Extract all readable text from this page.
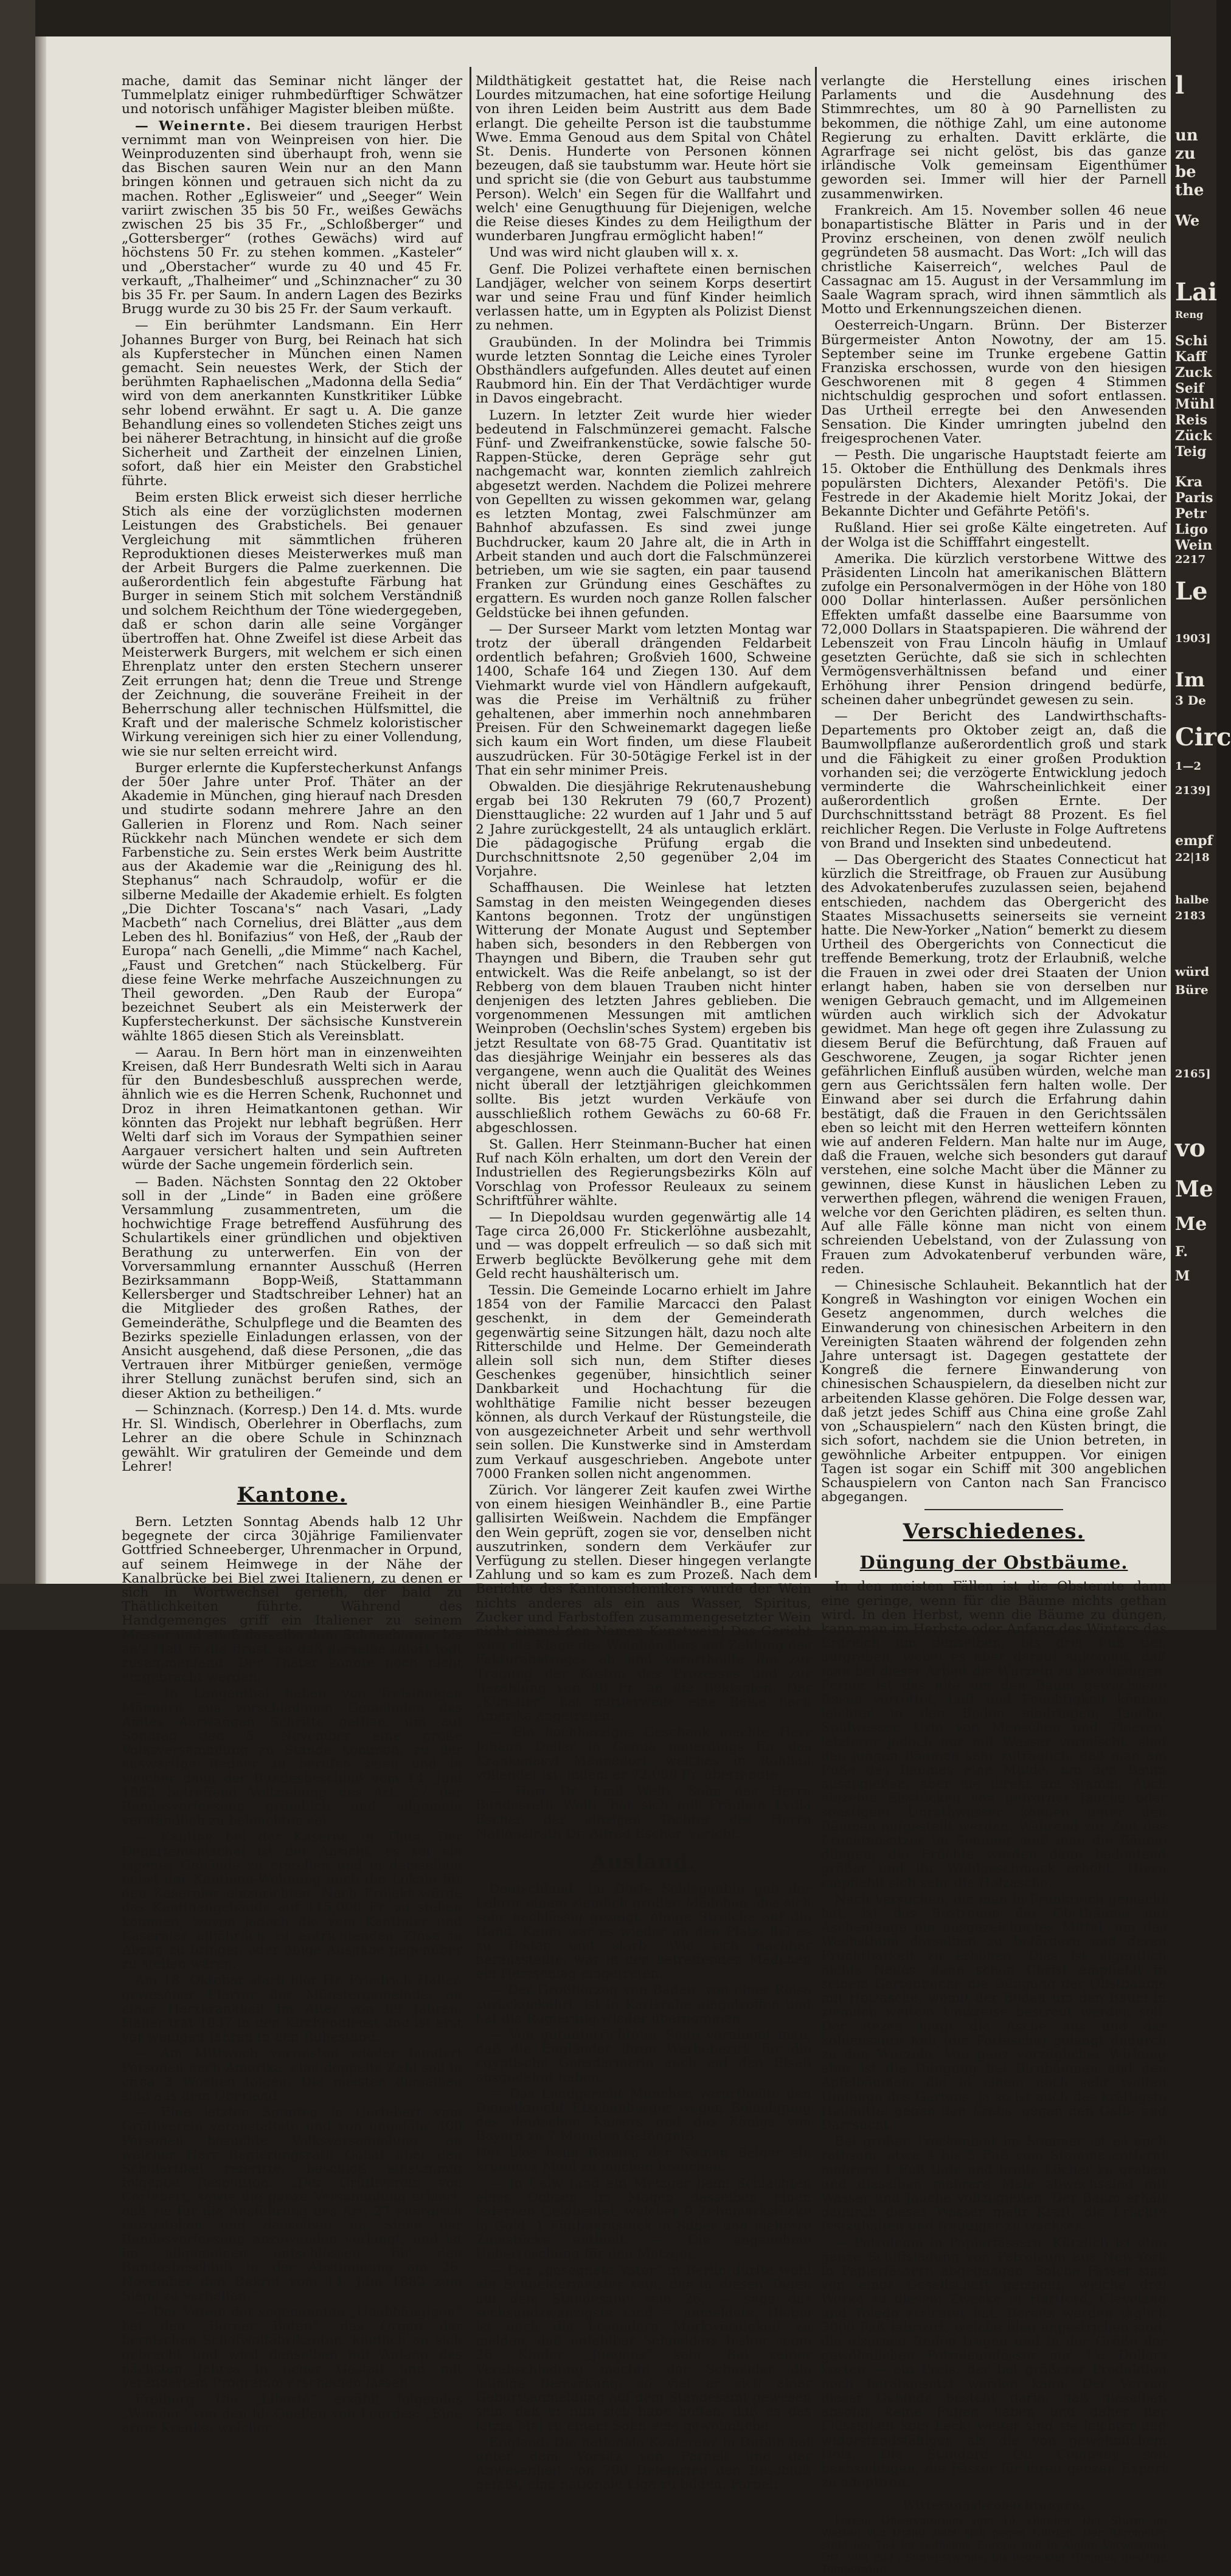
mache, damit das Seminar nicht länger der Tummelplatz einiger ruhmbedürftiger Schwätzer und notorisch unfähiger Magister bleiben müßte.

— Weinernte. Bei diesem traurigen Herbst vernimmt man von Weinpreisen von hier. Die Weinproduzenten sind überhaupt froh, wenn sie das Bischen sauren Wein nur an den Mann bringen können und getrauen sich nicht da zu machen. Rother „Eglisweier“ und „Seeger“ Wein variirt zwischen 35 bis 50 Fr., weißes Gewächs zwischen 25 bis 35 Fr., „Schloßberger“ und „Gottersberger“ (rothes Gewächs) wird auf höchstens 50 Fr. zu stehen kommen. „Kasteler“ und „Oberstacher“ wurde zu 40 und 45 Fr. verkauft, „Thalheimer“ und „Schinznacher“ zu 30 bis 35 Fr. per Saum. In andern Lagen des Bezirks Brugg wurde zu 30 bis 25 Fr. der Saum verkauft.

— Ein berühmter Landsmann. Ein Herr Johannes Burger von Burg, bei Reinach hat sich als Kupferstecher in München einen Namen gemacht. Sein neuestes Werk, der Stich der berühmten Raphaelischen „Madonna della Sedia“ wird von dem anerkannten Kunstkritiker Lübke sehr lobend erwähnt. Er sagt u. A. Die ganze Behandlung eines so vollendeten Stiches zeigt uns bei näherer Betrachtung, in hinsicht auf die große Sicherheit und Zartheit der einzelnen Linien, sofort, daß hier ein Meister den Grabstichel führte.

Beim ersten Blick erweist sich dieser herrliche Stich als eine der vorzüglichsten modernen Leistungen des Grabstichels. Bei genauer Vergleichung mit sämmtlichen früheren Reproduktionen dieses Meisterwerkes muß man der Arbeit Burgers die Palme zuerkennen. Die außerordentlich fein abgestufte Färbung hat Burger in seinem Stich mit solchem Verständniß und solchem Reichthum der Töne wiedergegeben, daß er schon darin alle seine Vorgänger übertroffen hat. Ohne Zweifel ist diese Arbeit das Meisterwerk Burgers, mit welchem er sich einen Ehrenplatz unter den ersten Stechern unserer Zeit errungen hat; denn die Treue und Strenge der Zeichnung, die souveräne Freiheit in der Beherrschung aller technischen Hülfsmittel, die Kraft und der malerische Schmelz koloristischer Wirkung vereinigen sich hier zu einer Vollendung, wie sie nur selten erreicht wird.

Burger erlernte die Kupferstecherkunst Anfangs der 50er Jahre unter Prof. Thäter an der Akademie in München, ging hierauf nach Dresden und studirte sodann mehrere Jahre an den Gallerien in Florenz und Rom. Nach seiner Rückkehr nach München wendete er sich dem Farbenstiche zu. Sein erstes Werk beim Austritte aus der Akademie war die „Reinigung des hl. Stephanus“ nach Schraudolp, wofür er die silberne Medaille der Akademie erhielt. Es folgten „Die Dichter Toscana's“ nach Vasari, „Lady Macbeth“ nach Cornelius, drei Blätter „aus dem Leben des hl. Bonifazius“ von Heß, der „Raub der Europa“ nach Genelli, „die Mimme“ nach Kachel, „Faust und Gretchen“ nach Stückelberg. Für diese feine Werke mehrfache Auszeichnungen zu Theil geworden. „Den Raub der Europa“ bezeichnet Seubert als ein Meisterwerk der Kupferstecherkunst. Der sächsische Kunstverein wählte 1865 diesen Stich als Vereinsblatt.

— Aarau. In Bern hört man in einzenweihten Kreisen, daß Herr Bundesrath Welti sich in Aarau für den Bundesbeschluß aussprechen werde, ähnlich wie es die Herren Schenk, Ruchonnet und Droz in ihren Heimatkantonen gethan. Wir könnten das Projekt nur lebhaft begrüßen. Herr Welti darf sich im Voraus der Sympathien seiner Aargauer versichert halten und sein Auftreten würde der Sache ungemein förderlich sein.

— Baden. Nächsten Sonntag den 22 Oktober soll in der „Linde“ in Baden eine größere Versammlung zusammentreten, um die hochwichtige Frage betreffend Ausführung des Schulartikels einer gründlichen und objektiven Berathung zu unterwerfen. Ein von der Vorversammlung ernannter Ausschuß (Herren Bezirksammann Bopp-Weiß, Stattammann Kellersberger und Stadtschreiber Lehner) hat an die Mitglieder des großen Rathes, der Gemeinderäthe, Schulpflege und die Beamten des Bezirks spezielle Einladungen erlassen, von der Ansicht ausgehend, daß diese Personen, „die das Vertrauen ihrer Mitbürger genießen, vermöge ihrer Stellung zunächst berufen sind, sich an dieser Aktion zu betheiligen.“

— Schinznach. (Korresp.) Den 14. d. Mts. wurde Hr. Sl. Windisch, Oberlehrer in Oberflachs, zum Lehrer an die obere Schule in Schinznach gewählt. Wir gratuliren der Gemeinde und dem Lehrer!

Kantone.

Bern. Letzten Sonntag Abends halb 12 Uhr begegnete der circa 30jährige Familienvater Gottfried Schneeberger, Uhrenmacher in Orpund, auf seinem Heimwege in der Nähe der Kanalbrücke bei Biel zwei Italienern, zu denen er sich in Wortwechsel gerieth, der bald zu Thätlichkeiten führte. Während des Handgemenges griff ein Italiener zu seinem Messer und stieß dasselbe dem Schneeberger bis an's Heft in die Brust, so daß derselbe sofort todt zusammenfand. Der Thäter konnte noch nicht eingebracht werden.

— In Langenthal haben von freisinnigen Männern aus verschiedenen Gemeinden des Amtes Aarwangen Schritte gethan, um auf Sonntag den 5. November eine große Volksversammlung zu Stande kommen, zu der auswärtige Redner zu berufen seien und in welcher dann der Bundesbeschluß vom 14. Juni 1882 betreffend Vollziehung des Art. 27 der Bundesverfassung gründlich und allgemein verständlich zu beleuchten sei.

— Kantine bei der Kaserne in Thun. Der Departementschef ist der Ansicht, es sei ein eigenes Gebäude zu erstellen und in demselben nebst der Kantinen-Wohnung auch die Lokale für den Kasernier einzurichten. Nach Projekt würde das Kantinengebäude auf 115,000 Fr. zu stehen kommen, wovon jedoch die vom Kantinier und Kasernier alljährlich zu entrichtenden Zinse in Abzug zu bringen oder obige Ausgabe gegenüber zu stellen wären.

Am 18. Oktober starb hier Hr. Friedrich Haller, gewesener Pfarrer der Münstergemeinde, an einer Herzkrankheit im Alter von 69 Jahren. Haller trat 1837 in den Kirchendienst und ist erst vor wenigen Jahren in den Ruhestand.

— Am Mittwoch verreisten wieder hundert Personen nach Amerika, eine doppelte Zahl soll in circa 3 Wochen folgen. Die meisten derselben sind aus dem Oberland.

— Eine letzten Sonntag in Cortebert vom Grütliverein veranstaltete und von ungefähr 400 Personen besuchte Volksversammlung, an welcher Herr Regierungsrath Gobat über den Schulartikel referirte, beschloß einstimmig folgende Resolution: „Der Grütliverein von Cortebert, sowie die ganze Versammlung erklärt, daß sie für die Ausführung des Art. 27 energisch einzustehen und denselben im Sinne der Bundesverfassung anzuwenden verlangt, und ist im allgemeinen entschlossen, für den Bundesbeschluß in der Abstimmung am 26. November den Dekret vom 14. Juni 1882 zum Siege zu verhelfen.“

— Der Verein der sogenannten „Unabhängigen“ hat den „Berner Boten“, das Organ der bernischen Schafwolfabrikanten, käuflich an sich gebracht und wird denselben mit Anfang des nächsten Jahres in neuer Gestalt und mit verändertem Programm erscheinen lassen.

Freiburg. Die „Liberté“ erzählt folgendes „Wunder“ von den hl. Quellen von Lourdes: „Eine arme Kranke, welcher

Mildthätigkeit gestattet hat, die Reise nach Lourdes mitzumachen, hat eine sofortige Heilung von ihren Leiden beim Austritt aus dem Bade erlangt. Die geheilte Person ist die taubstumme Wwe. Emma Genoud aus dem Spital von Châtel St. Denis. Hunderte von Personen können bezeugen, daß sie taubstumm war. Heute hört sie und spricht sie (die von Geburt aus taubstumme Person). Welch' ein Segen für die Wallfahrt und welch' eine Genugthuung für Diejenigen, welche die Reise dieses Kindes zu dem Heiligthum der wunderbaren Jungfrau ermöglicht haben!“

Und was wird nicht glauben will x. x.

Genf. Die Polizei verhaftete einen bernischen Landjäger, welcher von seinem Korps desertirt war und seine Frau und fünf Kinder heimlich verlassen hatte, um in Egypten als Polizist Dienst zu nehmen.

Graubünden. In der Molindra bei Trimmis wurde letzten Sonntag die Leiche eines Tyroler Obsthändlers aufgefunden. Alles deutet auf einen Raubmord hin. Ein der That Verdächtiger wurde in Davos eingebracht.

Luzern. In letzter Zeit wurde hier wieder bedeutend in Falschmünzerei gemacht. Falsche Fünf- und Zweifrankenstücke, sowie falsche 50-Rappen-Stücke, deren Gepräge sehr gut nachgemacht war, konnten ziemlich zahlreich abgesetzt werden. Nachdem die Polizei mehrere von Gepellten zu wissen gekommen war, gelang es letzten Montag, zwei Falschmünzer am Bahnhof abzufassen. Es sind zwei junge Buchdrucker, kaum 20 Jahre alt, die in Arth in Arbeit standen und auch dort die Falschmünzerei betrieben, um wie sie sagten, ein paar tausend Franken zur Gründung eines Geschäftes zu ergattern. Es wurden noch ganze Rollen falscher Geldstücke bei ihnen gefunden.

— Der Surseer Markt vom letzten Montag war trotz der überall drängenden Feldarbeit ordentlich befahren; Großvieh 1600, Schweine 1400, Schafe 164 und Ziegen 130. Auf dem Viehmarkt wurde viel von Händlern aufgekauft, was die Preise im Verhältniß zu früher gehaltenen, aber immerhin noch annehmbaren Preisen. Für den Schweinemarkt dagegen ließe sich kaum ein Wort finden, um diese Flaubeit auszudrücken. Für 30-50tägige Ferkel ist in der That ein sehr minimer Preis.

Obwalden. Die diesjährige Rekrutenaushebung ergab bei 130 Rekruten 79 (60,7 Prozent) Diensttaugliche: 22 wurden auf 1 Jahr und 5 auf 2 Jahre zurückgestellt, 24 als untauglich erklärt. Die pädagogische Prüfung ergab die Durchschnittsnote 2,50 gegenüber 2,04 im Vorjahre.

Schaffhausen. Die Weinlese hat letzten Samstag in den meisten Weingegenden dieses Kantons begonnen. Trotz der ungünstigen Witterung der Monate August und September haben sich, besonders in den Rebbergen von Thayngen und Bibern, die Trauben sehr gut entwickelt. Was die Reife anbelangt, so ist der Rebberg von dem blauen Trauben nicht hinter denjenigen des letzten Jahres geblieben. Die vorgenommenen Messungen mit amtlichen Weinproben (Oechslin'sches System) ergeben bis jetzt Resultate von 68-75 Grad. Quantitativ ist das diesjährige Weinjahr ein besseres als das vergangene, wenn auch die Qualität des Weines nicht überall der letztjährigen gleichkommen sollte. Bis jetzt wurden Verkäufe von ausschließlich rothem Gewächs zu 60-68 Fr. abgeschlossen.

St. Gallen. Herr Steinmann-Bucher hat einen Ruf nach Köln erhalten, um dort den Verein der Industriellen des Regierungsbezirks Köln auf Vorschlag von Professor Reuleaux zu seinem Schriftführer wählte.

— In Diepoldsau wurden gegenwärtig alle 14 Tage circa 26,000 Fr. Stickerlöhne ausbezahlt, und — was doppelt erfreulich — so daß sich mit Erwerb beglückte Bevölkerung gehe mit dem Geld recht haushälterisch um.

Tessin. Die Gemeinde Locarno erhielt im Jahre 1854 von der Familie Marcacci den Palast geschenkt, in dem der Gemeinderath gegenwärtig seine Sitzungen hält, dazu noch alte Ritterschilde und Helme. Der Gemeinderath allein soll sich nun, dem Stifter dieses Geschenkes gegenüber, hinsichtlich seiner Dankbarkeit und Hochachtung für die wohlthätige Familie nicht besser bezeugen können, als durch Verkauf der Rüstungsteile, die von ausgezeichneter Arbeit und sehr werthvoll sein sollen. Die Kunstwerke sind in Amsterdam zum Verkauf ausgeschrieben. Angebote unter 7000 Franken sollen nicht angenommen.

Zürich. Vor längerer Zeit kaufen zwei Wirthe von einem hiesigen Weinhändler B., eine Partie gallisirten Weißwein. Nachdem die Empfänger den Wein geprüft, zogen sie vor, denselben nicht auszutrinken, sondern dem Verkäufer zur Verfügung zu stellen. Dieser hingegen verlangte Zahlung und so kam es zum Prozeß. Nach dem Berichte des Kantonschemikers wurde der Wein nichts anderes als ein aus Wasser, Spiritus, Zucker und Farbstoffen zusammengesetzter Wein nicht einmal den Namen Kunstwein! Das Gericht wies die Klage des Weinhändlers auf Zahlung des Fakturabetrages ab und verurtheilte ihn zur Tragung der Kosten des Prozesses und zur Bezahlung von 80 Fr. an die Beklagten. Der „Künstler“ hat mittlerweile eine Reise nach Amerika angetreten.

— Ein hochherziges Geschenk machte Herr Johann Deiler in Genua neuerdings für das Krankenasyl Männedorf, welches in Rohbau vollendet ist, indem er 72,000 Fr. überfandte.

— Herr Dr. Emil Welti, Sohn des Herrn Bundesrath Welti, hat sich mit Fräulein Lydia Escher, der einzigen Tochter des Herrn Nationalrath Dr. Alfred Escher, verlobt.

Ausland.

Deutschland. Im Dorfe Schlagenbin gab der Lehrer einem ziemlich großen Mädchen, das sich sehr nachlässig gezeigt, einige Streiche auf die Hand. Kaum war es wieder an den Platz, fiel es zu Boden und starb. Wie sich nachher herausstellte, war in den betreffenden Mädchen ein Herzschlag eingetreten.

— Der Großherzog von Baden, von einer Reise zurückgekehrt, ist in Karlsruhe eingetroffen und hat die Regierung wieder übernommen.

— Von gutunterrichteter Seite vernimmt man, daß die Engländer ihren Werbebezirk für die egyptische Gensdarmerie auch auf den Elsaß ausgedehnt haben.

— Das Landgericht München verurtheilte den Dienstknecht Etschenberger wegen Beleidigung des deutschen Kaisers und des Königs von Bayern zu 7 Monaten Gefängniß.

Hat blos beim Rennen der Namen Beider ein krummes Maul zu machen brauchen.

— In Calw fand ein Metzger beim Schlachten eines Ochsen im Magen desselben einen ledernen Geldbeutel, welcher 9 Zehnmarkstücke in Gold, 1 Fünfmarkstück in Silber und mehrere Zinnstücke enthielt. — Die angenehme Ueberraschung für den Metzger.

— Der „gesegnete Vater“ in Berlin dürfte wohl ein Schneidermeister sein, der in diesen Tagen auf dem Standesamt sein 26. — sage das sechsundzwanzigste Kind — anmeldete. Hiebei ist noch die besondere Merkwürdigkeit zu melden, daß unfehlbar Schneiders bisher seine 26. Kinder „Jungens“ sein. Bei seiner Verabschiedung machte der Schneider die launige Bemerkung, so viel er sich einer Geburtsanmeldung auf dem Standesamt gewesen sein, daß er nun sich habe hoffen, daß es das letzte Mal zu einem Sohn eine gewöhnliche.

England. Die nationale Konferenz in Dublin hat unter dem Vorsitz von Parnell und der Anwesenheit von 700 Delegirten den Beschluß gefaßt, eine nationale Liga zu bilden. Parnell

verlangte die Herstellung eines irischen Parlaments und die Ausdehnung des Stimmrechtes, um 80 à 90 Parnellisten zu bekommen, die nöthige Zahl, um eine autonome Regierung zu erhalten. Davitt erklärte, die Agrarfrage sei nicht gelöst, bis das ganze irländische Volk gemeinsam Eigenthümer geworden sei. Immer will hier der Parnell zusammenwirken.

Frankreich. Am 15. November sollen 46 neue bonapartistische Blätter in Paris und in der Provinz erscheinen, von denen zwölf neulich gegründeten 58 ausmacht. Das Wort: „Ich will das christliche Kaiserreich“, welches Paul de Cassagnac am 15. August in der Versammlung im Saale Wagram sprach, wird ihnen sämmtlich als Motto und Erkennungszeichen dienen.

Oesterreich-Ungarn. Brünn. Der Bisterzer Bürgermeister Anton Nowotny, der am 15. September seine im Trunke ergebene Gattin Franziska erschossen, wurde von den hiesigen Geschworenen mit 8 gegen 4 Stimmen nichtschuldig gesprochen und sofort entlassen. Das Urtheil erregte bei den Anwesenden Sensation. Die Kinder umringten jubelnd den freigesprochenen Vater.

— Pesth. Die ungarische Hauptstadt feierte am 15. Oktober die Enthüllung des Denkmals ihres populärsten Dichters, Alexander Petöfi's. Die Festrede in der Akademie hielt Moritz Jokai, der Bekannte Dichter und Gefährte Petöfi's.

Rußland. Hier sei große Kälte eingetreten. Auf der Wolga ist die Schifffahrt eingestellt.

Amerika. Die kürzlich verstorbene Wittwe des Präsidenten Lincoln hat amerikanischen Blättern zufolge ein Personalvermögen in der Höhe von 180 000 Dollar hinterlassen. Außer persönlichen Effekten umfaßt dasselbe eine Baarsumme von 72,000 Dollars in Staatspapieren. Die während der Lebenszeit von Frau Lincoln häufig in Umlauf gesetzten Gerüchte, daß sie sich in schlechten Vermögensverhältnissen befand und einer Erhöhung ihrer Pension dringend bedürfe, scheinen daher unbegründet gewesen zu sein.

— Der Bericht des Landwirthschafts-Departements pro Oktober zeigt an, daß die Baumwollpflanze außerordentlich groß und stark und die Fähigkeit zu einer großen Produktion vorhanden sei; die verzögerte Entwicklung jedoch verminderte die Wahrscheinlichkeit einer außerordentlich großen Ernte. Der Durchschnittsstand beträgt 88 Prozent. Es fiel reichlicher Regen. Die Verluste in Folge Auftretens von Brand und Insekten sind unbedeutend.

— Das Obergericht des Staates Connecticut hat kürzlich die Streitfrage, ob Frauen zur Ausübung des Advokatenberufes zuzulassen seien, bejahend entschieden, nachdem das Obergericht des Staates Missachusetts seinerseits sie verneint hatte. Die New-Yorker „Nation“ bemerkt zu diesem Urtheil des Obergerichts von Connecticut die treffende Bemerkung, trotz der Erlaubniß, welche die Frauen in zwei oder drei Staaten der Union erlangt haben, haben sie von derselben nur wenigen Gebrauch gemacht, und im Allgemeinen würden auch wirklich sich der Advokatur gewidmet. Man hege oft gegen ihre Zulassung zu diesem Beruf die Befürchtung, daß Frauen auf Geschworene, Zeugen, ja sogar Richter jenen gefährlichen Einfluß ausüben würden, welche man gern aus Gerichtssälen fern halten wolle. Der Einwand aber sei durch die Erfahrung dahin bestätigt, daß die Frauen in den Gerichtssälen eben so leicht mit den Herren wetteifern könnten wie auf anderen Feldern. Man halte nur im Auge, daß die Frauen, welche sich besonders gut darauf verstehen, eine solche Macht über die Männer zu gewinnen, diese Kunst in häuslichen Leben zu verwerthen pflegen, während die wenigen Frauen, welche vor den Gerichten plädiren, es selten thun. Auf alle Fälle könne man nicht von einem schreienden Uebelstand, von der Zulassung von Frauen zum Advokatenberuf verbunden wäre, reden.

— Chinesische Schlauheit. Bekanntlich hat der Kongreß in Washington vor einigen Wochen ein Gesetz angenommen, durch welches die Einwanderung von chinesischen Arbeitern in den Vereinigten Staaten während der folgenden zehn Jahre untersagt ist. Dagegen gestattete der Kongreß die fernere Einwanderung von chinesischen Schauspielern, da dieselben nicht zur arbeitenden Klasse gehören. Die Folge dessen war, daß jetzt jedes Schiff aus China eine große Zahl von „Schauspielern“ nach den Küsten bringt, die sich sofort, nachdem sie die Union betreten, in gewöhnliche Arbeiter entpuppen. Vor einigen Tagen ist sogar ein Schiff mit 300 angeblichen Schauspielern von Canton nach San Francisco abgegangen.

Verschiedenes.
Düngung der Obstbäume.

In den meisten Fällen ist die Obsternte dann eine geringe, wenn für die Bäume nichts gethan wird. In den Herbst, wenn die Bäume zu düngen, kann man im Herbste oder Anfang des Winters das Erdreich um denselben, bis drei Fuß tief, aufgraben, wobei es aber darauf ankommt, daß man bei dieser Arbeit die Wurzeln zu beschädigen. Ferner ist das alte um den Baum gewachsene Rasen verrottet, Luft und Feuchtigkeit können leichter in den Boden eindringen; Jauche, Spülwasser, Urin von Menschen und Thieren, letzterer jedoch nur mit Wasser vermischt, sind den jungen Bäumen sehr zuträglich, daß man am Fuße des Baumes eine Mulde, um den Baum auszugießen, aber nie direkt am Stamm. Auch einzelne Eisstücken von gefrorner Jauche oder sonstigem Unrathwasser können unter den Bäumen aufgestellt werden. Während zur Zeit des Fruchtansatzes im Sommer muß man die Bäume düngen; die Früchte werden dann bedeutend größer und ihr Wohlgeschmack erhöht. Hiezu empfiehlt sich sehr die Holzasche.

Nach Versuchen, die man in Frankreich gemacht hat, ist das Bestreuen der Obstbäume mit Aschenlauge ein ausgezeichnetes Mittel, um das Wachsthum derselben zu befördern und deren Fruchtbarkeit zu erhöhen. Dies ist eigentlich nichts Neues, denn schon Christ empfiehlt in seinem Gartenbuche die Düngung der Obstbäume mit Holzasche, womit der Boden um den Baum in ziemlich weitem Umkreise bestreut werden soll. Der Rezen laugt die Asche aus und das kohlensaure Kali (die Pottasche) gelangt dadurch zu den Wurzeln. Von ganz vorzüglicher Wirkung aber ist die Düngung bei Birnbäumen und den Apfelbäumen, die in einem noch sehr weiten Umfange des Gartens, ja so ist auch das kräftigste Heilmittel gegen den Krebs, gegen den Gelb- und Darrsucht.

Bei großer Trockenheit im Sommer ist es auch rathsam, etwa 4 bis 5 Fuß vom Stamme entfernt mehrere 1 Fuß tiefe und breite Löcher zu graben und dieselben mehrere Male abwechselnd mit Wasser und Jauche vollzugießen. Der Baum erhält dadurch dieses Wasser mehr Kraft, die Früchte festzuhalten und freudiger zu wachsen.

— Petroleum in Papierfässern. Kürzlich ist eine ganze Schiffsladung von Petroleum aus New-York in Papierfässern abgegangen. Solche Fässer sind von einer Gesellschaft gemacht, welche drei Werke zu diesem Zwecke in Hartford, Cleveland und Toledo errichtet hat. Bereits werden täglich 3000 Faß fabrizirt, welche blau angestrichen sind, die eisernen Reifen tragen und in der Größe der gewöhnlichen Petroleumfässer nur 1½ Dollars kosten — ein Preis, der bei größerer Produktion noch herabgesetzt werden kann. Der Vorzug dieser Gebinde besteht darin, daß dieselben absolut keine Fugen haben und daher der Flüssigkeit kein Leck; weiter sind sie leichter und widerstandsfähiger, als die von gewöhnlichem Holz. Die Standard Oil Company soll beabsichtigen, die Fässer für ihren ganzen Export zu adoptiren.

Witterungsbeobachtungen.

Pariser Observatorium vom 19. Oktober. Der Sturm im Westen von Irland zieht sich gegen Norden. Der Barometer steht bei 764 im südlichen Europa und in Algier. Vorwiegend Ost- und Süd-, Südwestwinde, bis bedeckter Himmel, niedrige Temperatur.

l
un
zu
be
the
We
Lai
Reng
Schi
Kaff
Zuck
Seif
Mühl
Reis
Zück
Teig
Kra
Paris
Petr
Ligo
Wein
2217
Le
1903]
Im
3 De
Circ
1—2
2139]
empf
22|18
halbe
2183
würd
Büre
2165]
vo
Me
Me
F.
M
